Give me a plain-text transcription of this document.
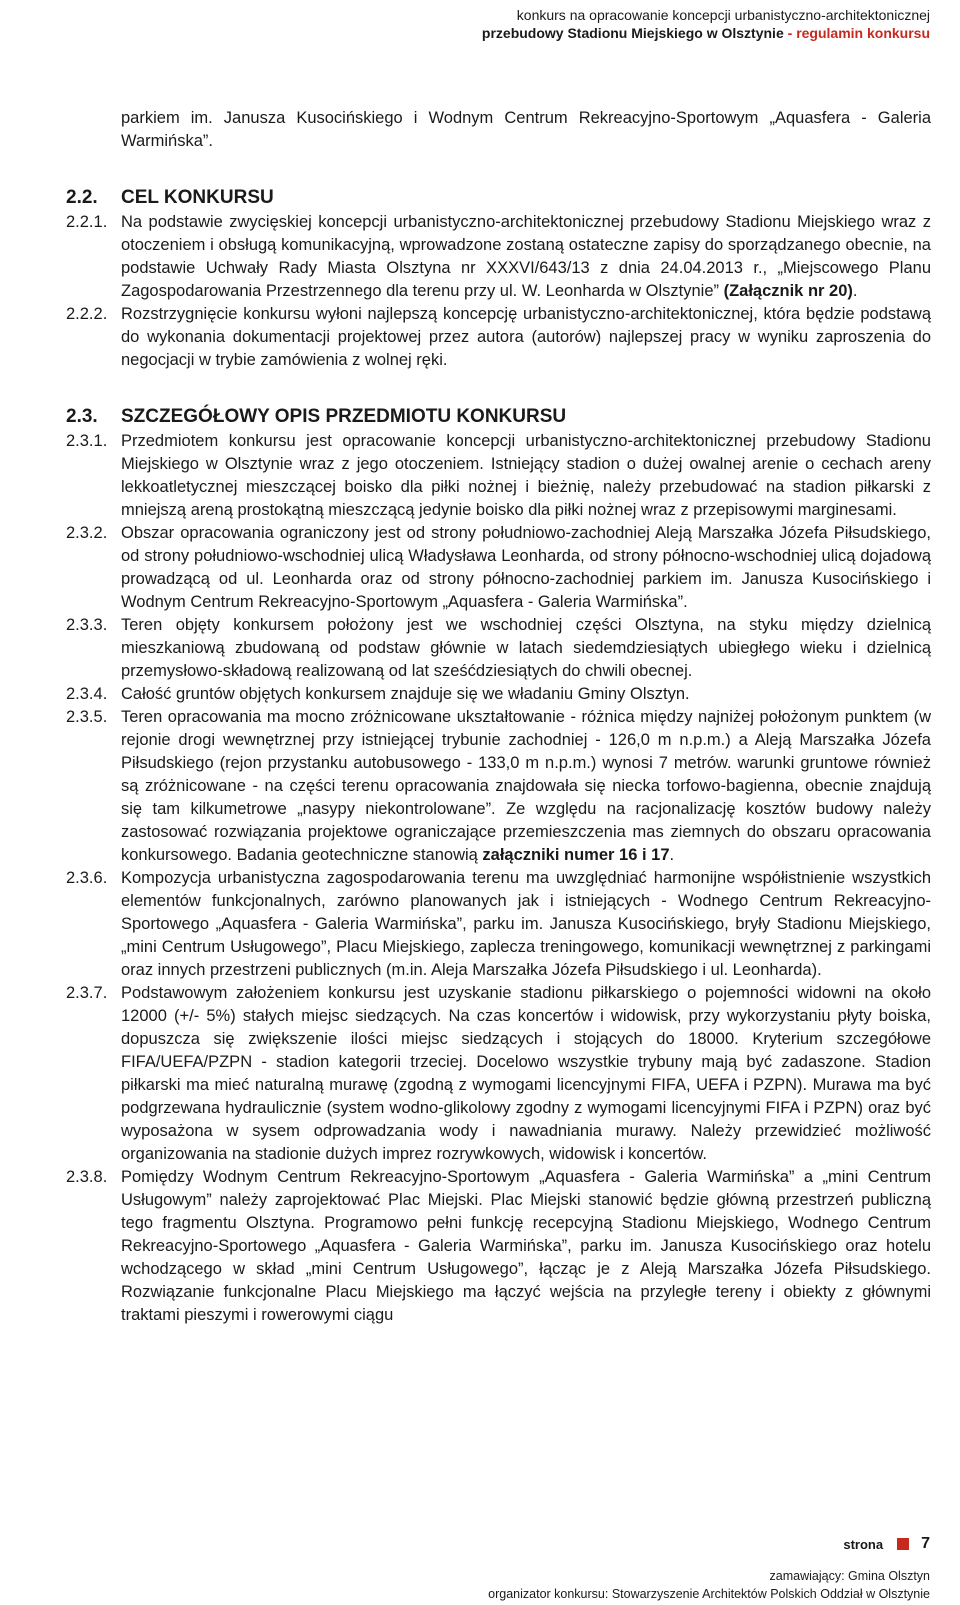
konkurs na opracowanie koncepcji urbanistyczno-architektonicznej
przebudowy Stadionu Miejskiego w Olsztynie - regulamin konkursu
parkiem im. Janusza Kusocińskiego i Wodnym Centrum Rekreacyjno-Sportowym „Aquasfera - Galeria Warmińska”.
2.2.	CEL KONKURSU
2.2.1. Na podstawie zwycięskiej koncepcji urbanistyczno-architektonicznej przebudowy Stadionu Miejskiego wraz z otoczeniem i obsługą komunikacyjną, wprowadzone zostaną ostateczne zapisy do sporządzanego obecnie, na podstawie Uchwały Rady Miasta Olsztyna nr XXXVI/643/13 z dnia 24.04.2013 r., „Miejscowego Planu Zagospodarowania Przestrzennego dla terenu przy ul. W. Leonharda w Olsztynie” (Załącznik nr 20).
2.2.2. Rozstrzygnięcie konkursu wyłoni najlepszą koncepcję urbanistyczno-architektonicznej, która będzie podstawą do wykonania dokumentacji projektowej przez autora (autorów) najlepszej pracy w wyniku zaproszenia do negocjacji w trybie zamówienia z wolnej ręki.
2.3.	SZCZEGÓŁOWY OPIS PRZEDMIOTU KONKURSU
2.3.1. Przedmiotem konkursu jest opracowanie koncepcji urbanistyczno-architektonicznej przebudowy Stadionu Miejskiego w Olsztynie wraz z jego otoczeniem. Istniejący stadion o dużej owalnej arenie o cechach areny lekkoatletycznej mieszczącej boisko dla piłki nożnej i bieżnię, należy przebudować na stadion piłkarski z mniejszą areną prostokątną mieszczącą jedynie boisko dla piłki nożnej wraz z przepisowymi marginesami.
2.3.2. Obszar opracowania ograniczony jest od strony południowo-zachodniej Aleją Marszałka Józefa Piłsudskiego, od strony południowo-wschodniej ulicą Władysława Leonharda, od strony północno-wschodniej ulicą dojadową prowadzącą od ul. Leonharda oraz od strony północno-zachodniej parkiem im. Janusza Kusocińskiego i Wodnym Centrum Rekreacyjno-Sportowym „Aquasfera - Galeria Warmińska”.
2.3.3. Teren objęty konkursem położony jest we wschodniej części Olsztyna, na styku między dzielnicą mieszkaniową zbudowaną od podstaw głównie w latach siedemdziesiątych ubiegłego wieku i dzielnicą przemysłowo-składową realizowaną od lat sześćdziesiątych do chwili obecnej.
2.3.4. Całość gruntów objętych konkursem znajduje się we władaniu Gminy Olsztyn.
2.3.5. Teren opracowania ma mocno zróżnicowane ukształtowanie - różnica między najniżej położonym punktem (w rejonie drogi wewnętrznej przy istniejącej trybunie zachodniej - 126,0 m n.p.m.) a Aleją Marszałka Józefa Piłsudskiego (rejon przystanku autobusowego - 133,0 m n.p.m.) wynosi 7 metrów. warunki gruntowe również są zróżnicowane - na części terenu opracowania znajdowała się niecka torfowo-bagienna, obecnie znajdują się tam kilkumetrowe „nasypy niekontrolowane”. Ze względu na racjonalizację kosztów budowy należy zastosować rozwiązania projektowe ograniczające przemieszczenia mas ziemnych do obszaru opracowania konkursowego. Badania geotechniczne stanowią załączniki numer 16 i 17.
2.3.6. Kompozycja urbanistyczna zagospodarowania terenu ma uwzględniać harmonijne współistnienie wszystkich elementów funkcjonalnych, zarówno planowanych jak i istniejących - Wodnego Centrum Rekreacyjno-Sportowego „Aquasfera - Galeria Warmińska”, parku im. Janusza Kusocińskiego, bryły Stadionu Miejskiego, „mini Centrum Usługowego”, Placu Miejskiego, zaplecza treningowego, komunikacji wewnętrznej z parkingami oraz innych przestrzeni publicznych (m.in. Aleja Marszałka Józefa Piłsudskiego i ul. Leonharda).
2.3.7. Podstawowym założeniem konkursu jest uzyskanie stadionu piłkarskiego o pojemności widowni na około 12000 (+/- 5%) stałych miejsc siedzących. Na czas koncertów i widowisk, przy wykorzystaniu płyty boiska, dopuszcza się zwiększenie ilości miejsc siedzących i stojących do 18000. Kryterium szczegółowe FIFA/UEFA/PZPN - stadion kategorii trzeciej. Docelowo wszystkie trybuny mają być zadaszone. Stadion piłkarski ma mieć naturalną murawę (zgodną z wymogami licencyjnymi FIFA, UEFA i PZPN). Murawa ma być podgrzewana hydraulicznie (system wodno-glikolowy zgodny z wymogami licencyjnymi FIFA i PZPN) oraz być wyposażona w sysem odprowadzania wody i nawadniania murawy. Należy przewidzieć możliwość organizowania na stadionie dużych imprez rozrywkowych, widowisk i koncertów.
2.3.8. Pomiędzy Wodnym Centrum Rekreacyjno-Sportowym „Aquasfera - Galeria Warmińska” a „mini Centrum Usługowym” należy zaprojektować Plac Miejski. Plac Miejski stanowić będzie główną przestrzeń publiczną tego fragmentu Olsztyna. Programowo pełni funkcję recepcyjną Stadionu Miejskiego, Wodnego Centrum Rekreacyjno-Sportowego „Aquasfera - Galeria Warmińska”, parku im. Janusza Kusocińskiego oraz hotelu wchodzącego w skład „mini Centrum Usługowego”, łącząc je z Aleją Marszałka Józefa Piłsudskiego. Rozwiązanie funkcjonalne Placu Miejskiego ma łączyć wejścia na przyległe tereny i obiekty z głównymi traktami pieszymi i rowerowymi ciągu
strona 7
zamawiający: Gmina Olsztyn
organizator konkursu: Stowarzyszenie Architektów Polskich Oddział w Olsztynie
